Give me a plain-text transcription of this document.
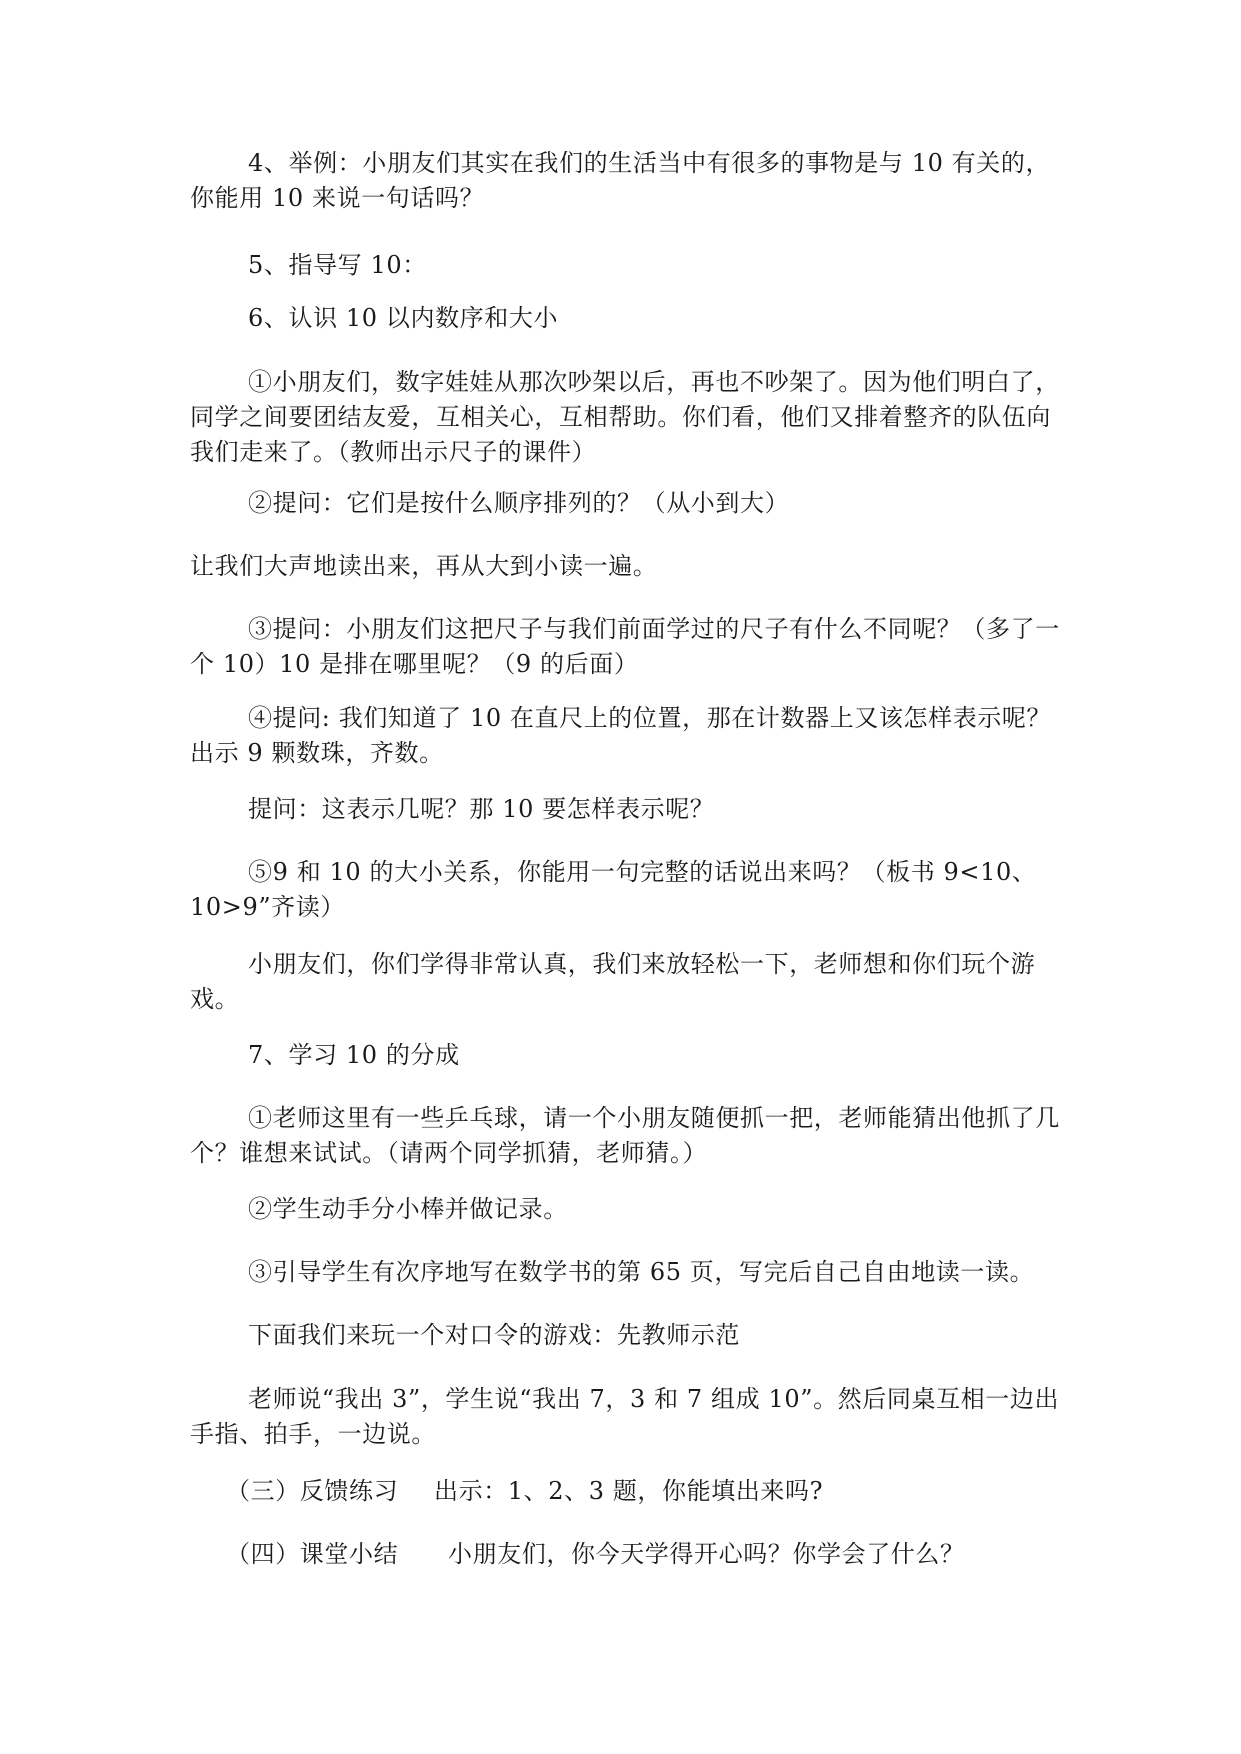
4、举例：小朋友们其实在我们的生活当中有很多的事物是与 10 有关的，你能用 10 来说一句话吗？

5、指导写 10：

6、认识 10 以内数序和大小

①小朋友们，数字娃娃从那次吵架以后，再也不吵架了。因为他们明白了，同学之间要团结友爱，互相关心，互相帮助。你们看，他们又排着整齐的队伍向我们走来了。（教师出示尺子的课件）

②提问：它们是按什么顺序排列的？（从小到大）

让我们大声地读出来，再从大到小读一遍。

③提问：小朋友们这把尺子与我们前面学过的尺子有什么不同呢？（多了一个 10）10 是排在哪里呢？（9 的后面）

④提问: 我们知道了 10 在直尺上的位置，那在计数器上又该怎样表示呢？出示 9 颗数珠，齐数。

提问：这表示几呢？那 10 要怎样表示呢？

⑤9 和 10 的大小关系，你能用一句完整的话说出来吗？（板书 9<10、10>9”齐读）

小朋友们，你们学得非常认真，我们来放轻松一下，老师想和你们玩个游戏。

7、学习 10 的分成

①老师这里有一些乒乓球，请一个小朋友随便抓一把，老师能猜出他抓了几个？谁想来试试。（请两个同学抓猜，老师猜。）

②学生动手分小棒并做记录。

③引导学生有次序地写在数学书的第 65 页，写完后自己自由地读一读。

下面我们来玩一个对口令的游戏：先教师示范

老师说“我出 3”，学生说“我出 7，3 和 7 组成 10”。然后同桌互相一边出手指、拍手，一边说。

（三）反馈练习 出示：1、2、3 题，你能填出来吗?
（四）课堂小结 小朋友们，你今天学得开心吗？你学会了什么？
